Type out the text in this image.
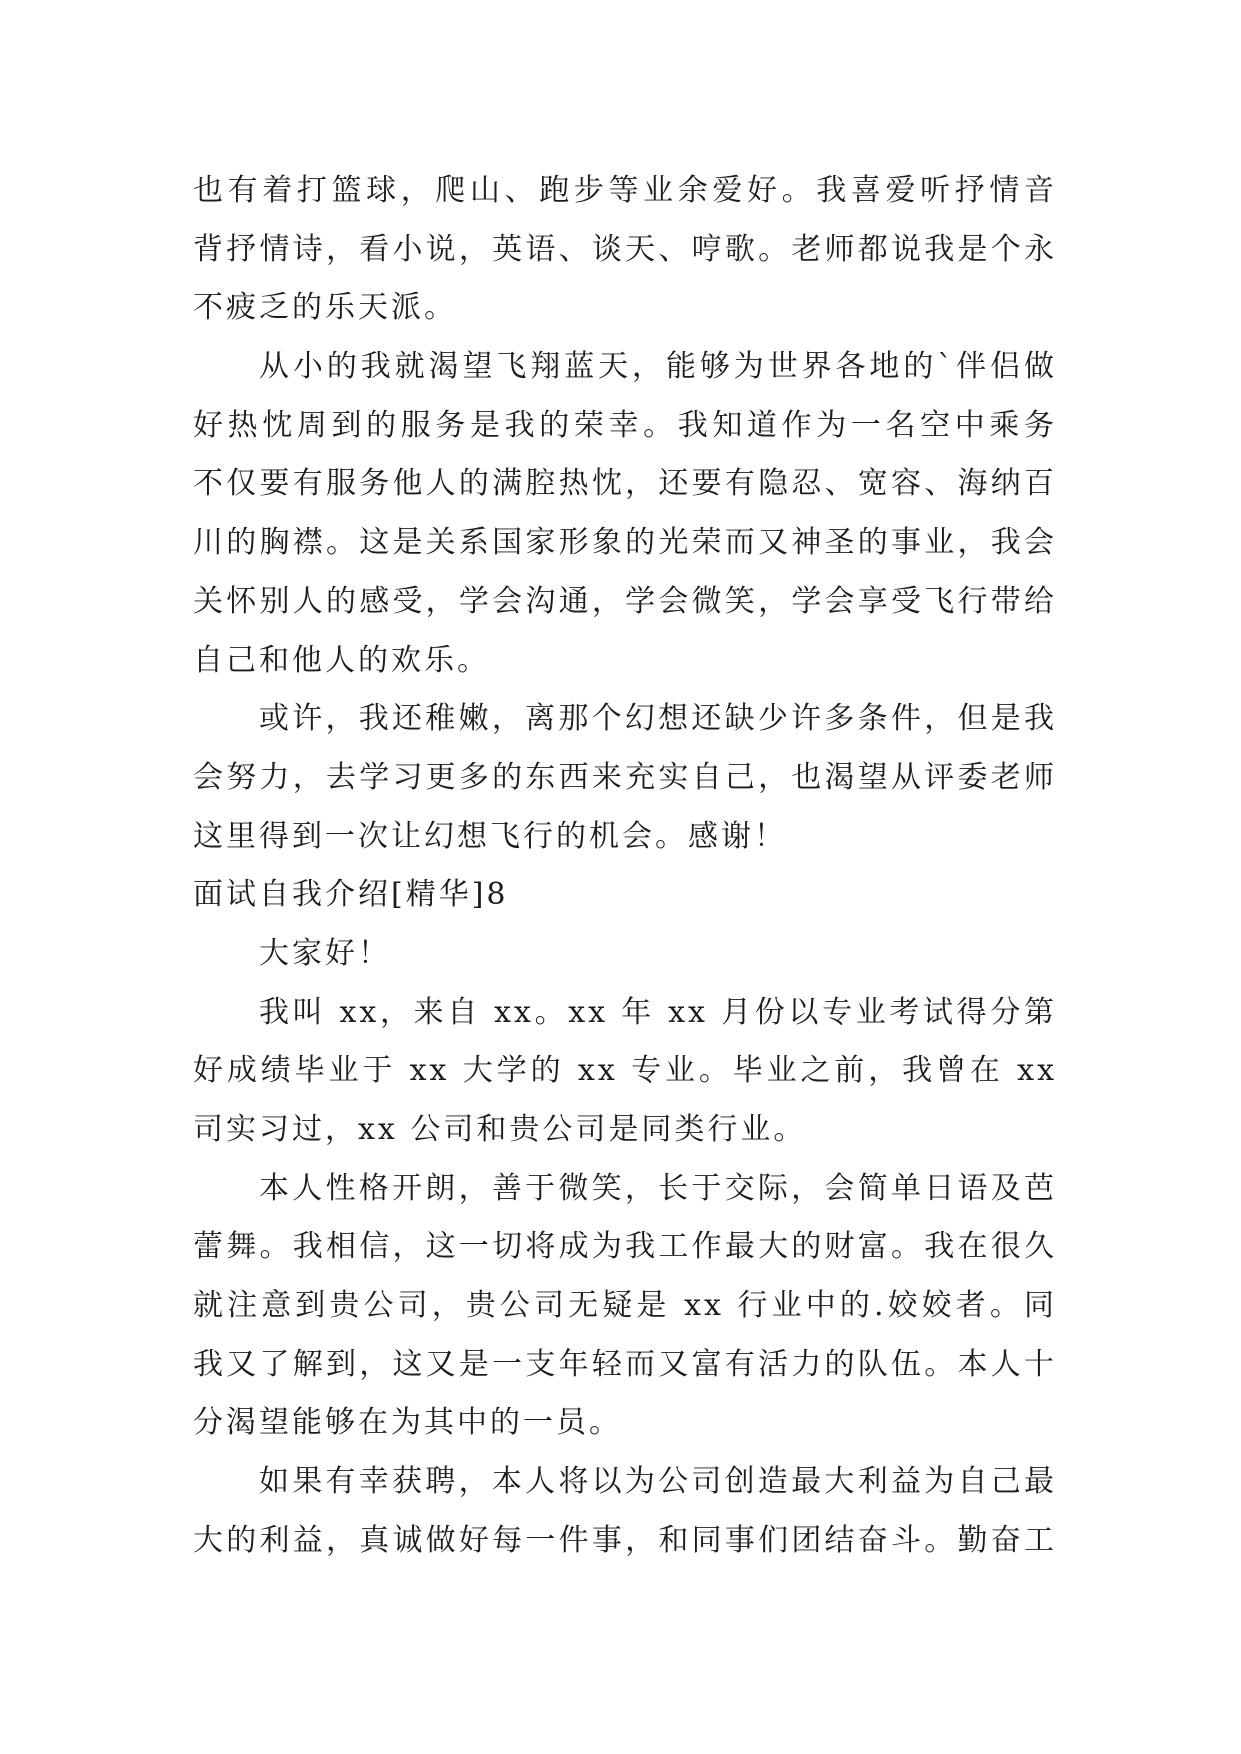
也有着打篮球，爬山、跑步等业余爱好。我喜爱听抒情音
背抒情诗，看小说，英语、谈天、哼歌。老师都说我是个永
不疲乏的乐天派。
从小的我就渴望飞翔蓝天，能够为世界各地的`伴侣做
好热忱周到的服务是我的荣幸。我知道作为一名空中乘务
不仅要有服务他人的满腔热忱，还要有隐忍、宽容、海纳百
川的胸襟。这是关系国家形象的光荣而又神圣的事业，我会
关怀别人的感受，学会沟通，学会微笑，学会享受飞行带给
自己和他人的欢乐。
或许，我还稚嫩，离那个幻想还缺少许多条件，但是我
会努力，去学习更多的东西来充实自己，也渴望从评委老师
这里得到一次让幻想飞行的机会。感谢！
面试自我介绍[精华]8
大家好！
我叫 xx，来自 xx。xx 年 xx 月份以专业考试得分第
好成绩毕业于 xx 大学的 xx 专业。毕业之前，我曾在 xx
司实习过，xx 公司和贵公司是同类行业。
本人性格开朗，善于微笑，长于交际，会简单日语及芭
蕾舞。我相信，这一切将成为我工作最大的财富。我在很久
就注意到贵公司，贵公司无疑是 xx 行业中的.姣姣者。同
我又了解到，这又是一支年轻而又富有活力的队伍。本人十
分渴望能够在为其中的一员。
如果有幸获聘，本人将以为公司创造最大利益为自己最
大的利益，真诚做好每一件事，和同事们团结奋斗。勤奋工
